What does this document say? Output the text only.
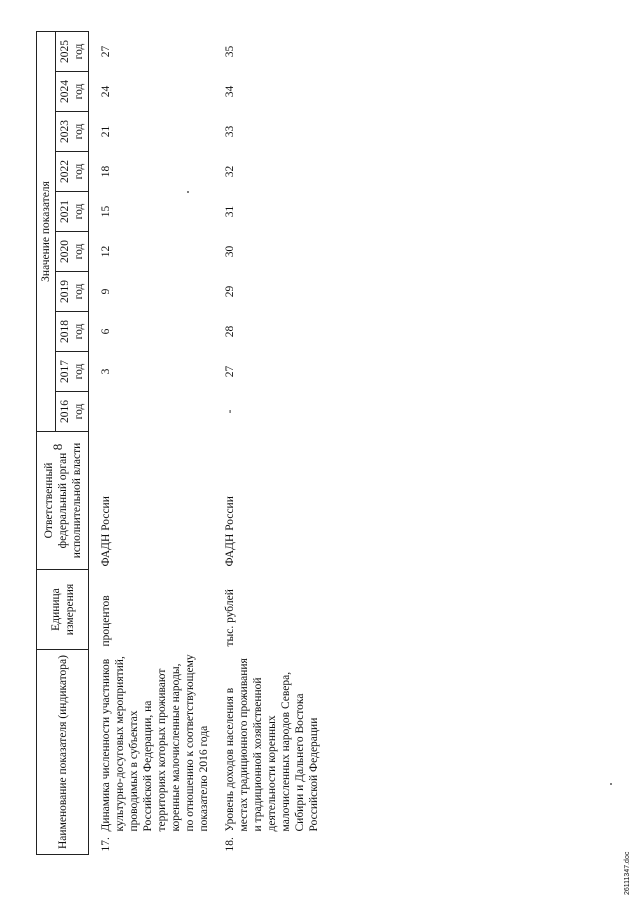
8
Наименование показателя (индикатора)		Единица измерения	Ответственный федеральный орган исполнительной власти	Значение показателя									
				2016 год	2017 год	2018 год	2019 год	2020 год	2021 год	2022 год	2023 год	2024 год	2025 год
17.	Динамика численности участников культурно-досуговых мероприятий, проводимых в субъектах Российской Федерации, на территориях которых проживают коренные малочисленные народы, по отношению к соответствующему показателю 2016 года	процентов	ФАДН России		3	6	9	12	15	18	21	24	27
18.	Уровень доходов населения в местах традиционного проживания и традиционной хозяйственной деятельности коренных малочисленных народов Севера, Сибири и Дальнего Востока Российской Федерации	тыс. рублей	ФАДН России	-	27	28	29	30	31	32	33	34	35
26111347.doc
